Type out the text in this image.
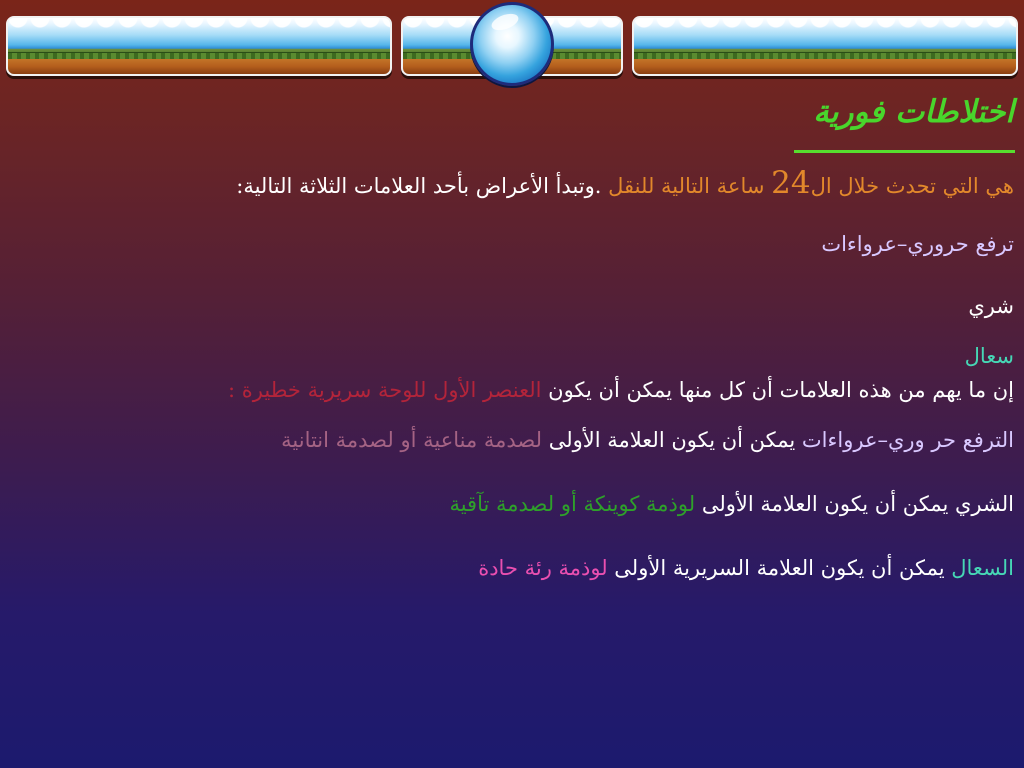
اختلاطات فورية
هي التي تحدث خلال ال24 ساعة التالية للنقل .وتبدأ الأعراض بأحد العلامات الثلاثة التالية:
ترفع حروري–عرواءات
شري
سعال
إن ما يهم من هذه العلامات أن كل منها يمكن أن يكون العنصر الأول للوحة سريرية خطيرة :
الترفع حر وري–عرواءات يمكن أن يكون العلامة الأولى لصدمة مناعية أو لصدمة انتانية
الشري يمكن أن يكون العلامة الأولى لوذمة كوينكة أو لصدمة تآقية
السعال يمكن أن يكون العلامة السريرية الأولى لوذمة رئة حادة
